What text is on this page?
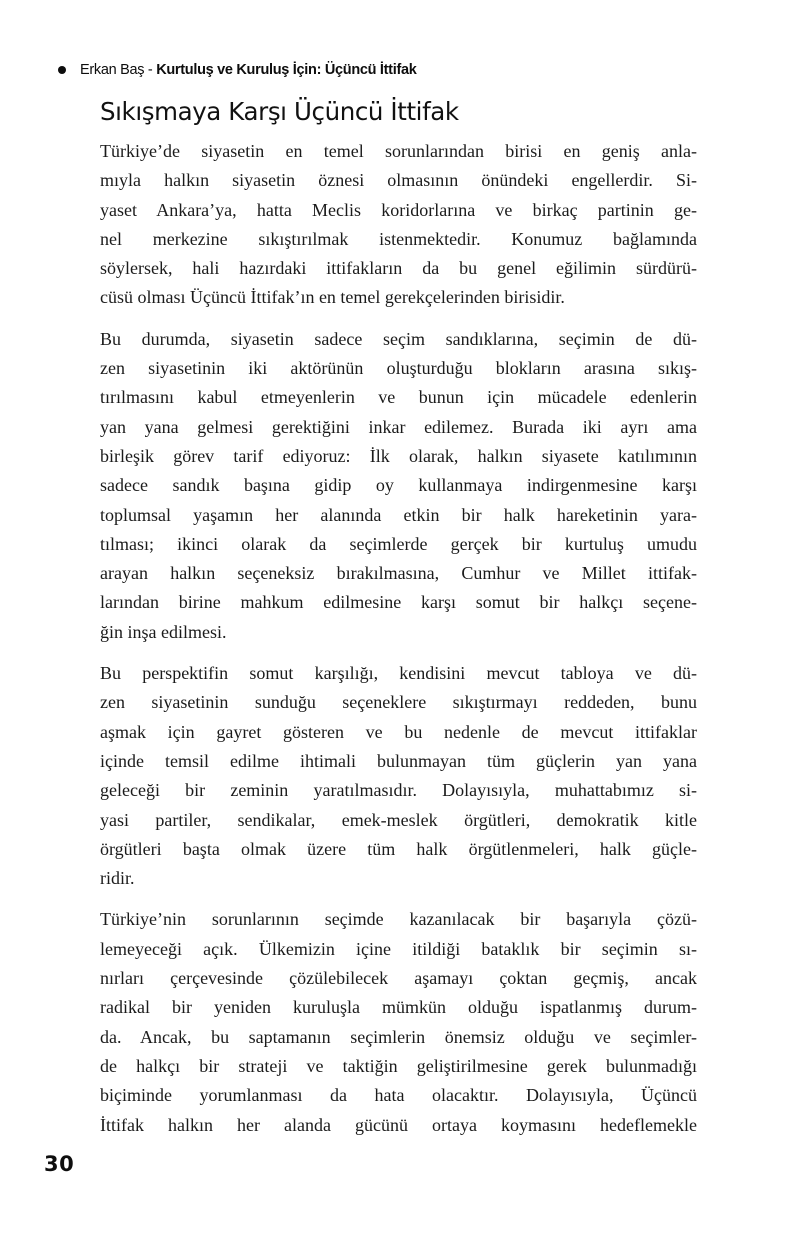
Erkan Baş - Kurtuluş ve Kuruluş İçin: Üçüncü İttifak
Sıkışmaya Karşı Üçüncü İttifak
Türkiye’de siyasetin en temel sorunlarından birisi en geniş anla-
mıyla halkın siyasetin öznesi olmasının önündeki engellerdir. Si-
yaset Ankara’ya, hatta Meclis koridorlarına ve birkaç partinin ge-
nel merkezine sıkıştırılmak istenmektedir. Konumuz bağlamında
söylersek, hali hazırdaki ittifakların da bu genel eğilimin sürdürü-
cüsü olması Üçüncü İttifak’ın en temel gerekçelerinden birisidir.
Bu durumda, siyasetin sadece seçim sandıklarına, seçimin de dü-
zen siyasetinin iki aktörünün oluşturduğu blokların arasına sıkış-
tırılmasını kabul etmeyenlerin ve bunun için mücadele edenlerin
yan yana gelmesi gerektiğini inkar edilemez. Burada iki ayrı ama
birleşik görev tarif ediyoruz: İlk olarak, halkın siyasete katılımının
sadece sandık başına gidip oy kullanmaya indirgenmesine karşı
toplumsal yaşamın her alanında etkin bir halk hareketinin yara-
tılması; ikinci olarak da seçimlerde gerçek bir kurtuluş umudu
arayan halkın seçeneksiz bırakılmasına, Cumhur ve Millet ittifak-
larından birine mahkum edilmesine karşı somut bir halkçı seçene-
ğin inşa edilmesi.
Bu perspektifin somut karşılığı, kendisini mevcut tabloya ve dü-
zen siyasetinin sunduğu seçeneklere sıkıştırmayı reddeden, bunu
aşmak için gayret gösteren ve bu nedenle de mevcut ittifaklar
içinde temsil edilme ihtimali bulunmayan tüm güçlerin yan yana
geleceği bir zeminin yaratılmasıdır. Dolayısıyla, muhattabımız si-
yasi partiler, sendikalar, emek-meslek örgütleri, demokratik kitle
örgütleri başta olmak üzere tüm halk örgütlenmeleri, halk güçle-
ridir.
Türkiye’nin sorunlarının seçimde kazanılacak bir başarıyla çözü-
lemeyeceği açık. Ülkemizin içine itildiği bataklık bir seçimin sı-
nırları çerçevesinde çözülebilecek aşamayı çoktan geçmiş, ancak
radikal bir yeniden kuruluşla mümkün olduğu ispatlanmış durum-
da. Ancak, bu saptamanın seçimlerin önemsiz olduğu ve seçimler-
de halkçı bir strateji ve taktiğin geliştirilmesine gerek bulunmadığı
biçiminde yorumlanması da hata olacaktır. Dolayısıyla, Üçüncü
İttifak halkın her alanda gücünü ortaya koymasını hedeflemekle
30
